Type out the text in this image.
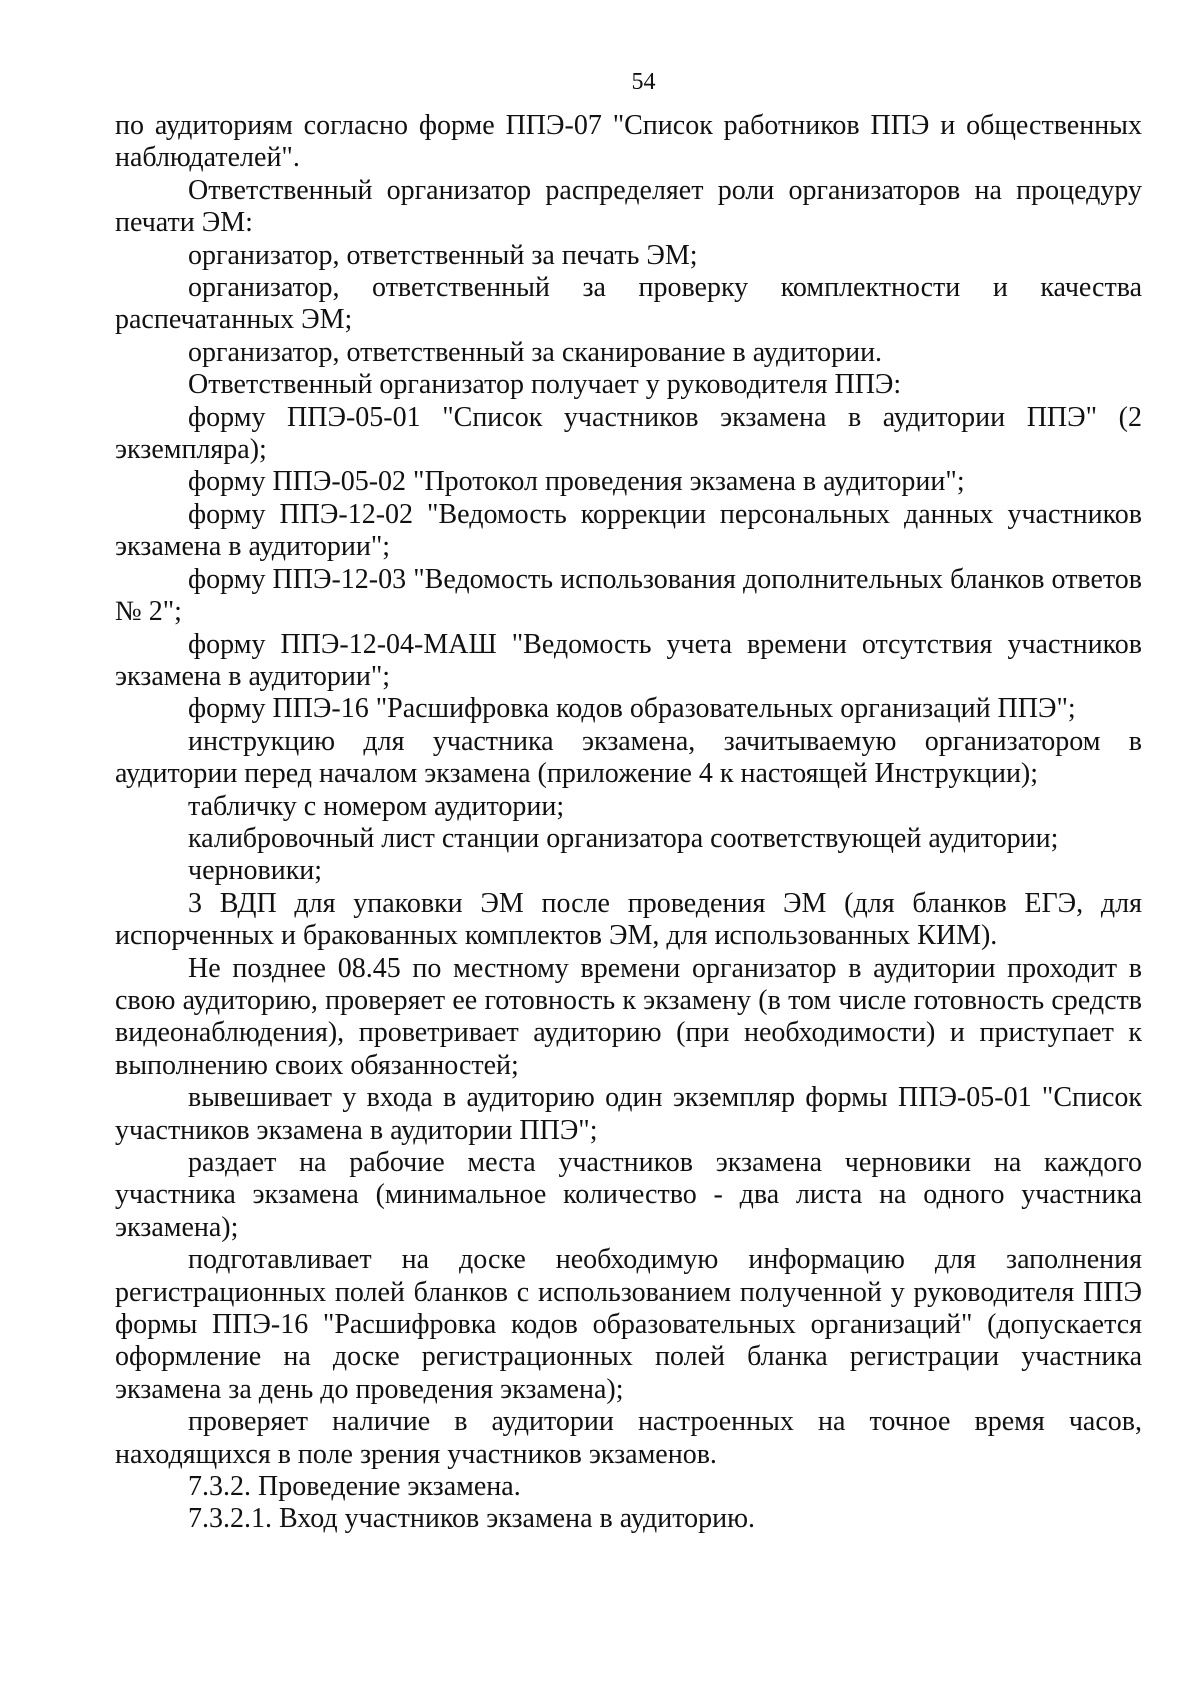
54

по аудиториям согласно форме ППЭ-07 "Список работников ППЭ и общественных наблюдателей".

Ответственный организатор распределяет роли организаторов на процедуру печати ЭМ:

организатор, ответственный за печать ЭМ;

организатор, ответственный за проверку комплектности и качества распечатанных ЭМ;

организатор, ответственный за сканирование в аудитории.

Ответственный организатор получает у руководителя ППЭ:

форму ППЭ-05-01 "Список участников экзамена в аудитории ППЭ" (2 экземпляра);

форму ППЭ-05-02 "Протокол проведения экзамена в аудитории";

форму ППЭ-12-02 "Ведомость коррекции персональных данных участников экзамена в аудитории";

форму ППЭ-12-03 "Ведомость использования дополнительных бланков ответов № 2";

форму ППЭ-12-04-МАШ "Ведомость учета времени отсутствия участников экзамена в аудитории";

форму ППЭ-16 "Расшифровка кодов образовательных организаций ППЭ";

инструкцию для участника экзамена, зачитываемую организатором в аудитории перед началом экзамена (приложение 4 к настоящей Инструкции);

табличку с номером аудитории;

калибровочный лист станции организатора соответствующей аудитории;

черновики;

3 ВДП для упаковки ЭМ после проведения ЭМ (для бланков ЕГЭ, для испорченных и бракованных комплектов ЭМ, для использованных КИМ).

Не позднее 08.45 по местному времени организатор в аудитории проходит в свою аудиторию, проверяет ее готовность к экзамену (в том числе готовность средств видеонаблюдения), проветривает аудиторию (при необходимости) и приступает к выполнению своих обязанностей;

вывешивает у входа в аудиторию один экземпляр формы ППЭ-05-01 "Список участников экзамена в аудитории ППЭ";

раздает на рабочие места участников экзамена черновики на каждого участника экзамена (минимальное количество - два листа на одного участника экзамена);

подготавливает на доске необходимую информацию для заполнения регистрационных полей бланков с использованием полученной у руководителя ППЭ формы ППЭ-16 "Расшифровка кодов образовательных организаций" (допускается оформление на доске регистрационных полей бланка регистрации участника экзамена за день до проведения экзамена);

проверяет наличие в аудитории настроенных на точное время часов, находящихся в поле зрения участников экзаменов.

7.3.2. Проведение экзамена.

7.3.2.1. Вход участников экзамена в аудиторию.
